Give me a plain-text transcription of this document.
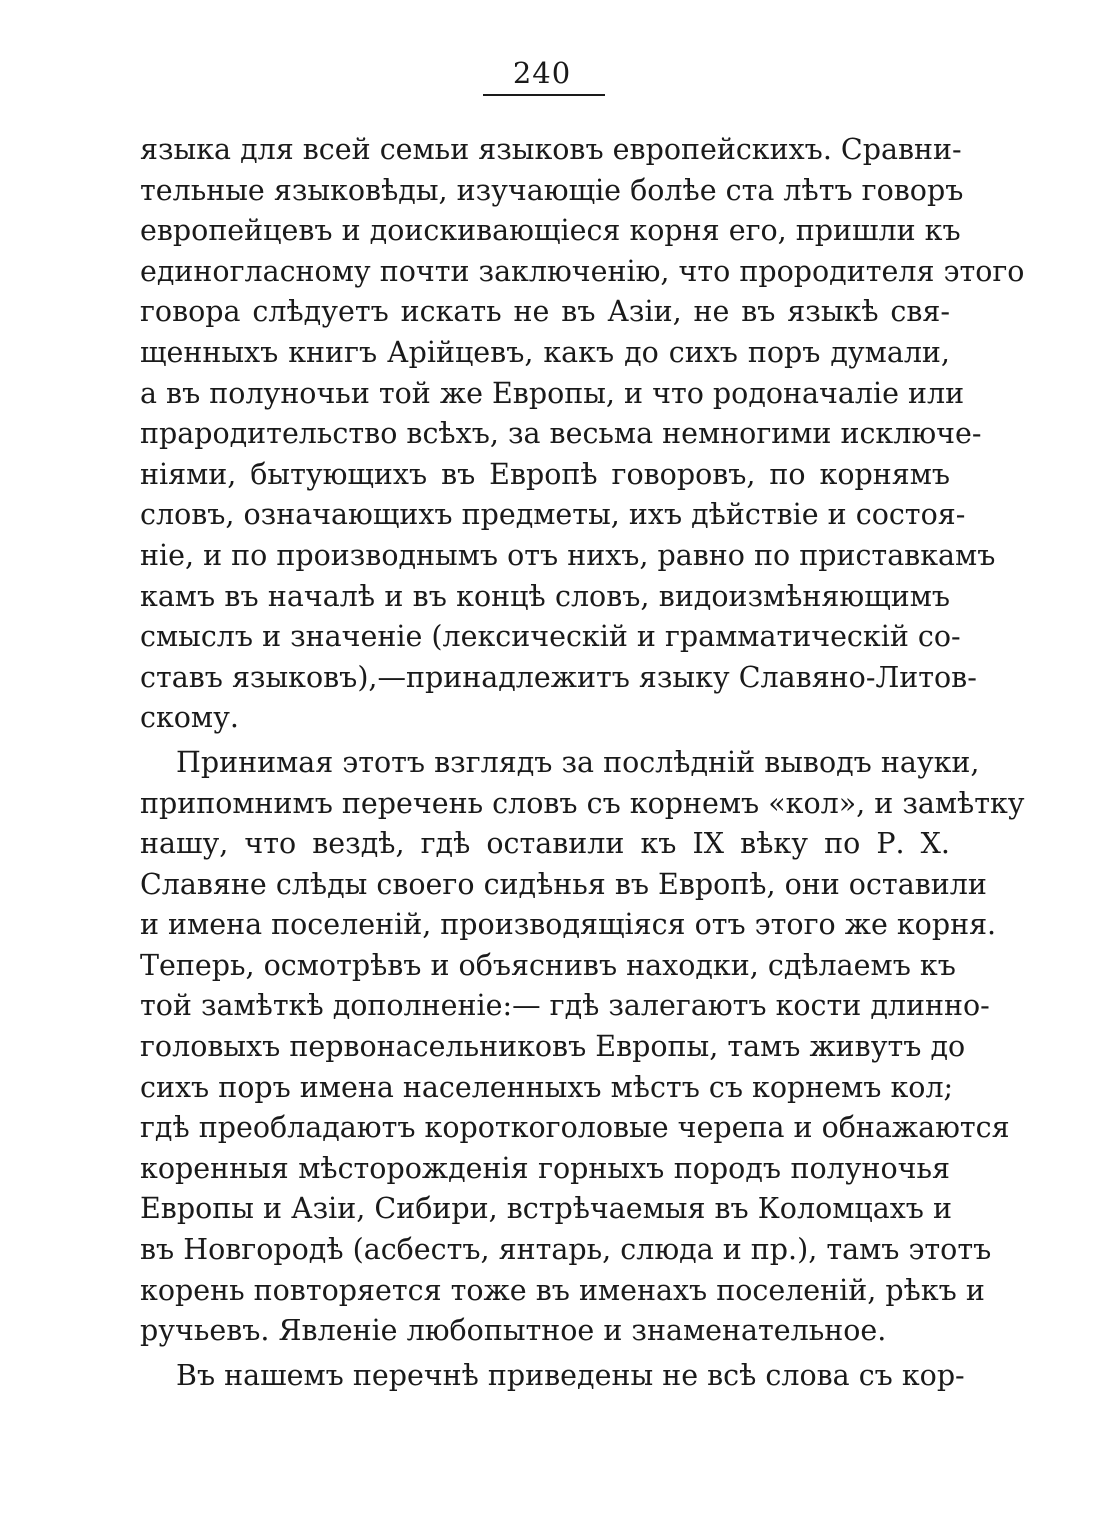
240
языка для всей семьи языковъ европейскихъ. Сравни-
тельные языковѣды, изучающіе болѣе ста лѣтъ говоръ
европейцевъ и доискивающіеся корня его, пришли къ
единогласному почти заключенію, что прородителя этого
говора слѣдуетъ искать не въ Азіи, не въ языкѣ свя-
щенныхъ книгъ Арійцевъ, какъ до сихъ поръ думали,
а въ полуночьи той же Европы, и что родоначаліе или
прародительство всѣхъ, за весьма немногими исключе-
ніями, бытующихъ въ Европѣ говоровъ, по корнямъ
словъ, означающихъ предметы, ихъ дѣйствіе и состоя-
ніе, и по производнымъ отъ нихъ, равно по приставкамъ
камъ въ началѣ и въ концѣ словъ, видоизмѣняющимъ
смыслъ и значеніе (лексическій и грамматическій со-
ставъ языковъ),—принадлежитъ языку Славяно-Литов-
скому.
Принимая этотъ взглядъ за послѣдній выводъ науки,
припомнимъ перечень словъ съ корнемъ «кол», и замѣтку
нашу, что вездѣ, гдѣ оставили къ IX вѣку по Р. Х.
Славяне слѣды своего сидѣнья въ Европѣ, они оставили
и имена поселеній, производящіяся отъ этого же корня.
Теперь, осмотрѣвъ и объяснивъ находки, сдѣлаемъ къ
той замѣткѣ дополненіе:— гдѣ залегаютъ кости длинно-
головыхъ первонасельниковъ Европы, тамъ живутъ до
сихъ поръ имена населенныхъ мѣстъ съ корнемъ кол;
гдѣ преобладаютъ короткоголовые черепа и обнажаются
коренныя мѣсторожденія горныхъ породъ полуночья
Европы и Азіи, Сибири, встрѣчаемыя въ Коломцахъ и
въ Новгородѣ (асбестъ, янтарь, слюда и пр.), тамъ этотъ
корень повторяется тоже въ именахъ поселеній, рѣкъ и
ручьевъ. Явленіе любопытное и знаменательное.
Въ нашемъ перечнѣ приведены не всѣ слова съ кор-
